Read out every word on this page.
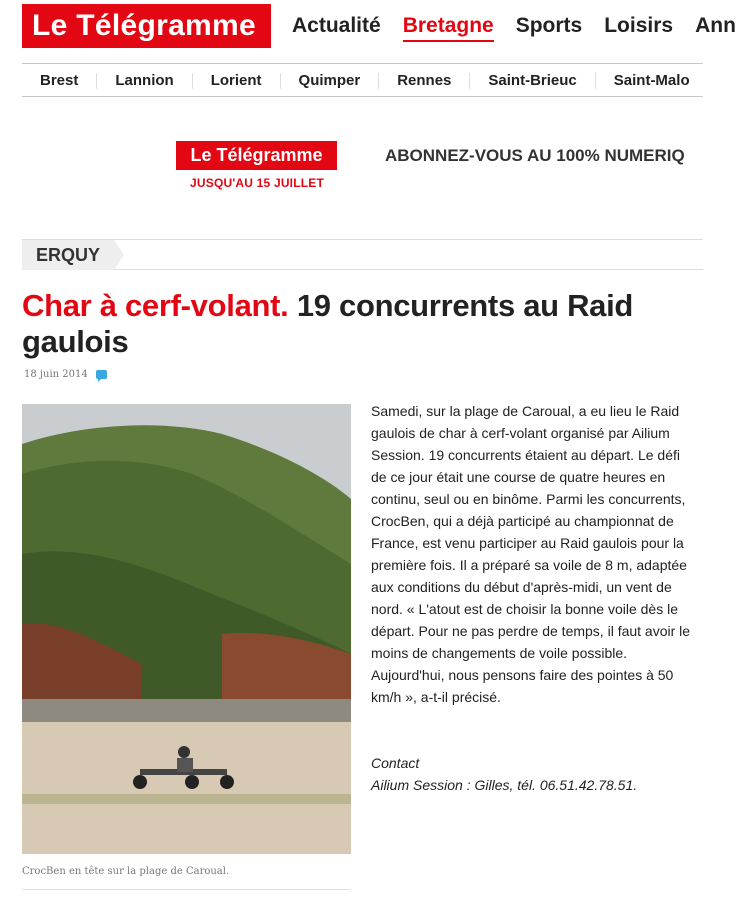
Le Télégramme	Actualité Bretagne Sports Loisirs Ann
Brest	Lannion	Lorient	Quimper	Rennes	Saint-Brieuc	Saint-Malo
Le Télégramme
JUSQU'AU 15 JUILLET
ABONNEZ-VOUS AU 100% NUMERIQ
ERQUY
Char à cerf-volant. 19 concurrents au Raid gaulois
18 juin 2014
CrocBen en tête sur la plage de Caroual.

Samedi, sur la plage de Caroual, a eu lieu le Raid gaulois de char à cerf-volant organisé par Ailium Session. 19 concurrents étaient au départ. Le défi de ce jour était une course de quatre heures en continu, seul ou en binôme. Parmi les concurrents, CrocBen, qui a déjà participé au championnat de France, est venu participer au Raid gaulois pour la première fois. Il a préparé sa voile de 8 m, adaptée aux conditions du début d'après-midi, un vent de nord. « L'atout est de choisir la bonne voile dès le départ. Pour ne pas perdre de temps, il faut avoir le moins de changements de voile possible. Aujourd'hui, nous pensons faire des pointes à 50 km/h », a-t-il précisé.

Contact
Ailium Session : Gilles, tél. 06.51.42.78.51.
